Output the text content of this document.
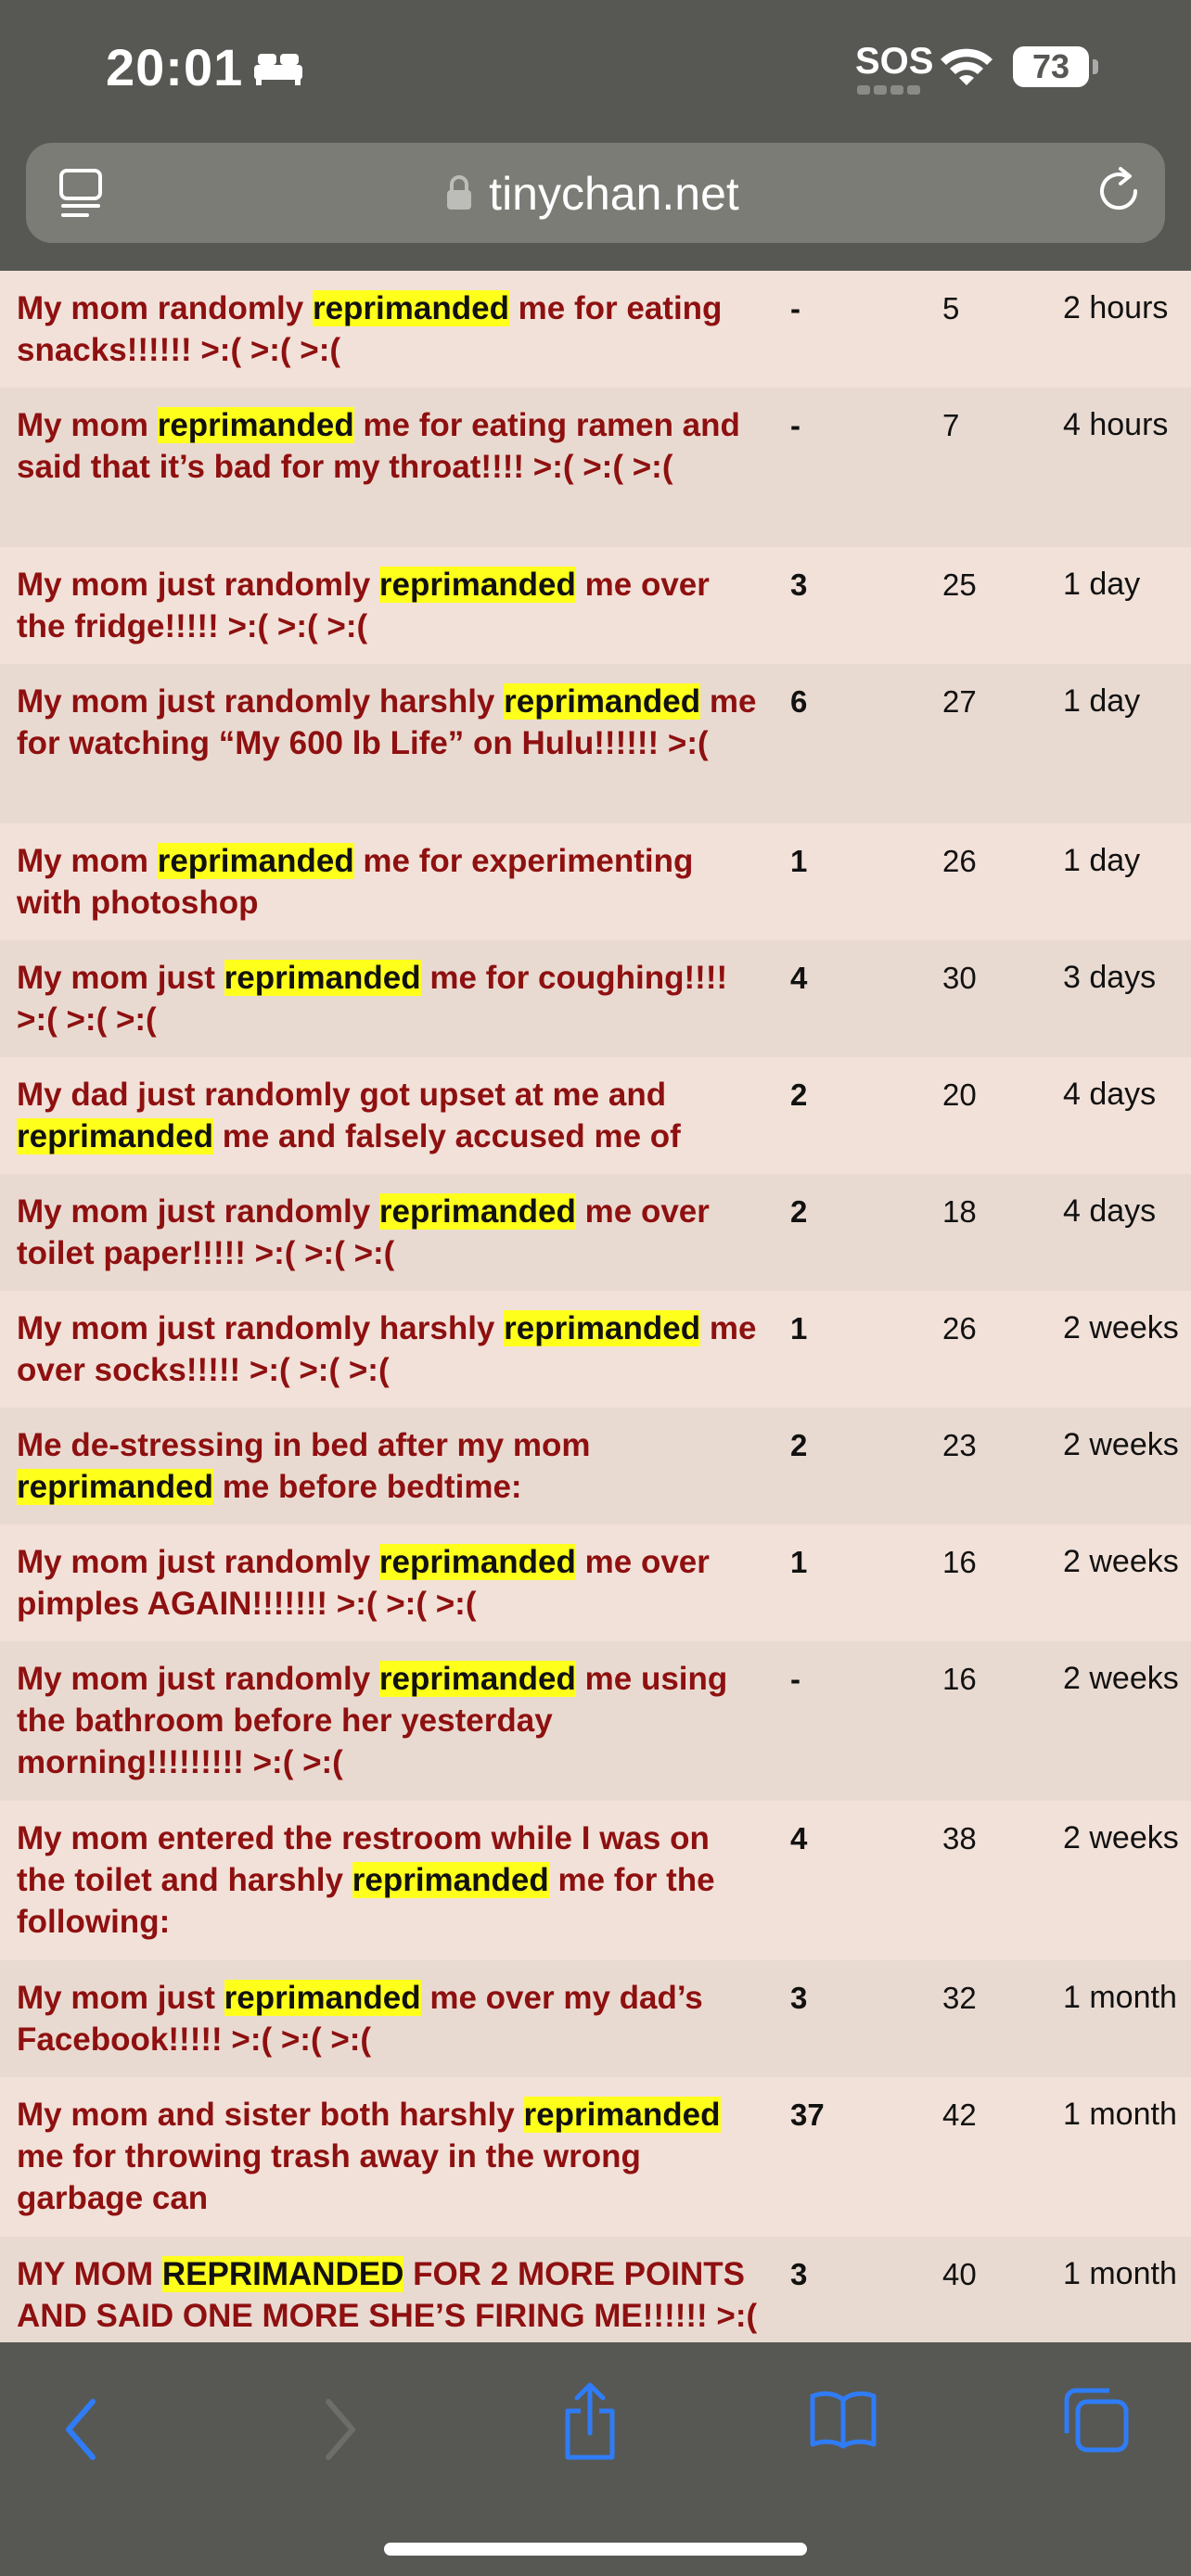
20:01	SOS	73
tinychan.net
My mom randomly reprimanded me for eating snacks!!!!!! >:( >:( >:(
-	5	2 hours
My mom reprimanded me for eating ramen and said that it’s bad for my throat!!!! >:( >:( >:(
-	7	4 hours
My mom just randomly reprimanded me over the fridge!!!!! >:( >:( >:(
3	25	1 day
My mom just randomly harshly reprimanded me for watching “My 600 lb Life” on Hulu!!!!!! >:(
6	27	1 day
My mom reprimanded me for experimenting with photoshop
1	26	1 day
My mom just reprimanded me for coughing!!!! >:( >:( >:(
4	30	3 days
My dad just randomly got upset at me and reprimanded me and falsely accused me of
2	20	4 days
My mom just randomly reprimanded me over toilet paper!!!!! >:( >:( >:(
2	18	4 days
My mom just randomly harshly reprimanded me over socks!!!!! >:( >:( >:(
1	26	2 weeks
Me de-stressing in bed after my mom reprimanded me before bedtime:
2	23	2 weeks
My mom just randomly reprimanded me over pimples AGAIN!!!!!!! >:( >:( >:(
1	16	2 weeks
My mom just randomly reprimanded me using the bathroom before her yesterday morning!!!!!!!!! >:( >:(
-	16	2 weeks
My mom entered the restroom while I was on the toilet and harshly reprimanded me for the following:
4	38	2 weeks
My mom just reprimanded me over my dad’s Facebook!!!!! >:( >:( >:(
3	32	1 month
My mom and sister both harshly reprimanded me for throwing trash away in the wrong garbage can
37	42	1 month
MY MOM REPRIMANDED FOR 2 MORE POINTS AND SAID ONE MORE SHE’S FIRING ME!!!!!! >:(
3	40	1 month
